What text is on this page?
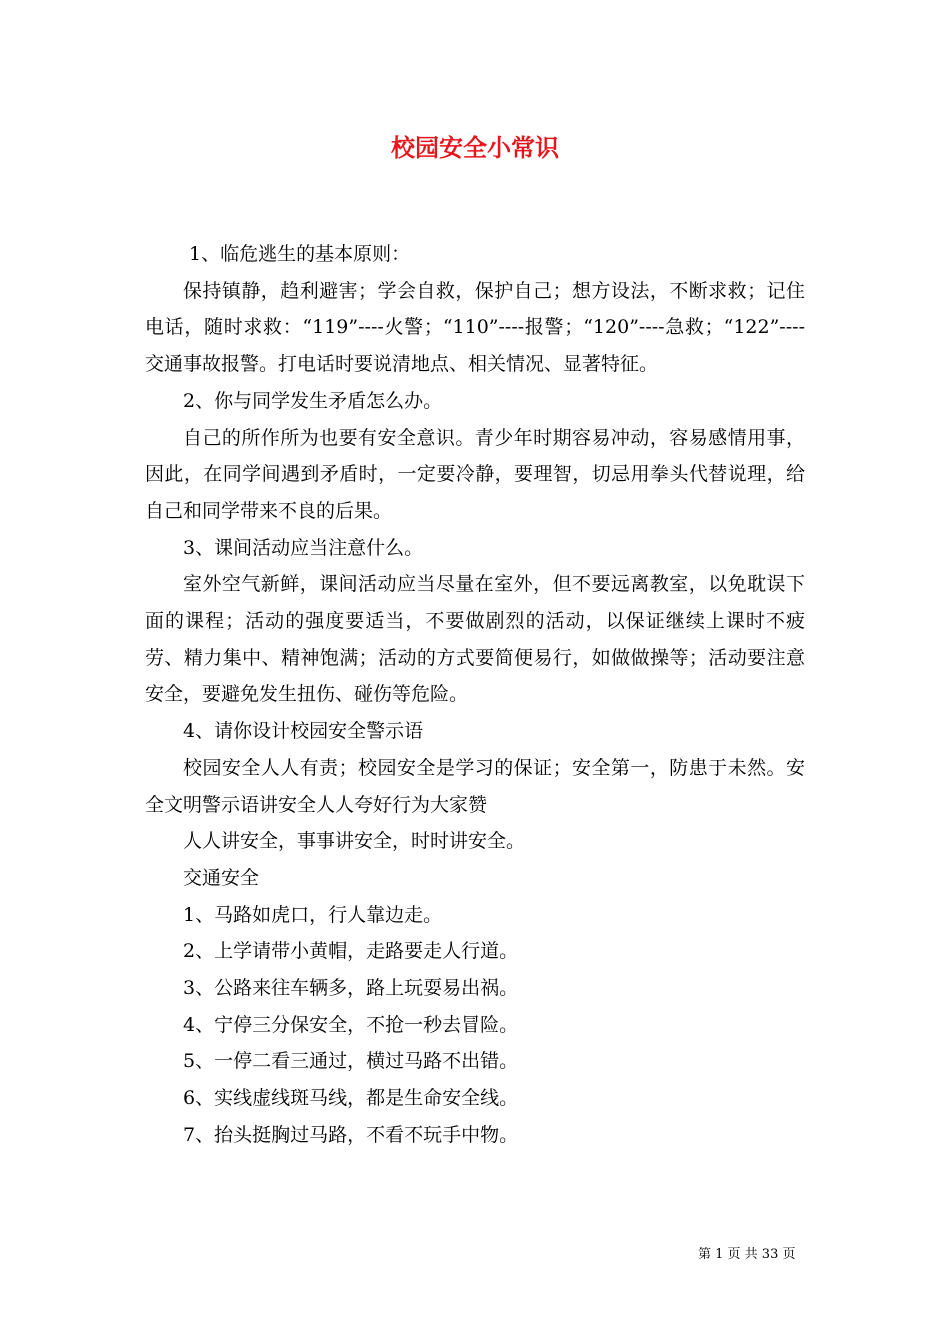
校园安全小常识

1、临危逃生的基本原则：

保持镇静，趋利避害；学会自救，保护自己；想方设法，不断求救；记住电话，随时求救：“119”----火警；“110”----报警；“120”----急救；“122”----交通事故报警。打电话时要说清地点、相关情况、显著特征。

2、你与同学发生矛盾怎么办。

自己的所作所为也要有安全意识。青少年时期容易冲动，容易感情用事，因此，在同学间遇到矛盾时，一定要冷静，要理智，切忌用拳头代替说理，给自己和同学带来不良的后果。

3、课间活动应当注意什么。

室外空气新鲜，课间活动应当尽量在室外，但不要远离教室，以免耽误下面的课程；活动的强度要适当，不要做剧烈的活动，以保证继续上课时不疲劳、精力集中、精神饱满；活动的方式要简便易行，如做做操等；活动要注意安全，要避免发生扭伤、碰伤等危险。

4、请你设计校园安全警示语

校园安全人人有责；校园安全是学习的保证；安全第一，防患于未然。安全文明警示语讲安全人人夸好行为大家赞

人人讲安全，事事讲安全，时时讲安全。

交通安全

1、马路如虎口，行人靠边走。

2、上学请带小黄帽，走路要走人行道。

3、公路来往车辆多，路上玩耍易出祸。

4、宁停三分保安全，不抢一秒去冒险。

5、一停二看三通过，横过马路不出错。

6、实线虚线斑马线，都是生命安全线。

7、抬头挺胸过马路，不看不玩手中物。

第 1 页 共 33 页
